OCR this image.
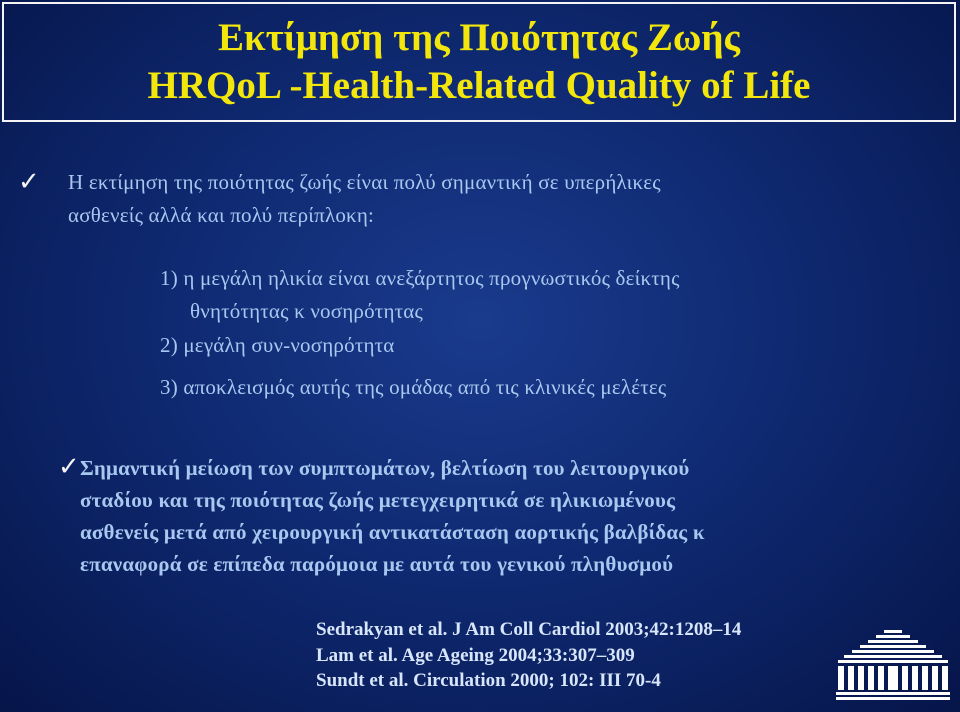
Εκτίμηση της Ποιότητας Ζωής
HRQoL -Health-Related Quality of Life
✓ Η εκτίμηση της ποιότητας ζωής είναι πολύ σημαντική σε υπερήλικες
ασθενείς αλλά και πολύ περίπλοκη:
1) η μεγάλη ηλικία είναι ανεξάρτητος προγνωστικός δείκτης
θνητότητας κ νοσηρότητας
2) μεγάλη συν-νοσηρότητα
3) αποκλεισμός αυτής της ομάδας από τις κλινικές μελέτες
✓ Σημαντική μείωση των συμπτωμάτων, βελτίωση του λειτουργικού
σταδίου και της ποιότητας ζωής μετεγχειρητικά σε ηλικιωμένους
ασθενείς μετά από χειρουργική αντικατάσταση αορτικής βαλβίδας κ
επαναφορά σε επίπεδα παρόμοια με αυτά του γενικού πληθυσμού
Sedrakyan et al. J Am Coll Cardiol 2003;42:1208–14
Lam et al. Age Ageing 2004;33:307–309
Sundt et al. Circulation 2000; 102: III 70-4
